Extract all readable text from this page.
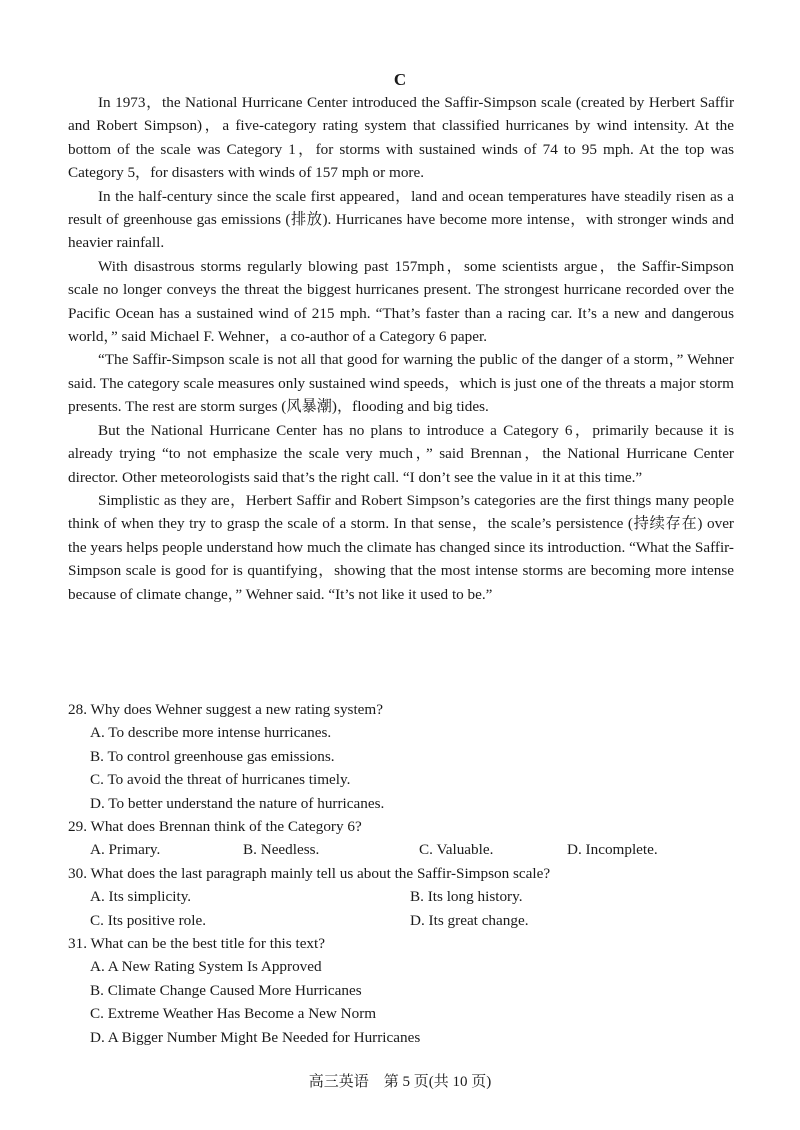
C

In 1973，the National Hurricane Center introduced the Saffir-Simpson scale (created by Herbert Saffir and Robert Simpson)，a five-category rating system that classified hurricanes by wind intensity. At the bottom of the scale was Category 1，for storms with sustained winds of 74 to 95 mph. At the top was Category 5，for disasters with winds of 157 mph or more.

In the half-century since the scale first appeared，land and ocean temperatures have steadily risen as a result of greenhouse gas emissions (排放). Hurricanes have become more intense，with stronger winds and heavier rainfall.

With disastrous storms regularly blowing past 157mph，some scientists argue，the Saffir-Simpson scale no longer conveys the threat the biggest hurricanes present. The strongest hurricane recorded over the Pacific Ocean has a sustained wind of 215 mph. “That’s faster than a racing car. It’s a new and dangerous world，” said Michael F. Wehner，a co-author of a Category 6 paper.

“The Saffir-Simpson scale is not all that good for warning the public of the danger of a storm，” Wehner said. The category scale measures only sustained wind speeds，which is just one of the threats a major storm presents. The rest are storm surges (风暴潮)，flooding and big tides.

But the National Hurricane Center has no plans to introduce a Category 6，primarily because it is already trying “to not emphasize the scale very much，” said Brennan，the National Hurricane Center director. Other meteorologists said that’s the right call. “I don’t see the value in it at this time.”

Simplistic as they are，Herbert Saffir and Robert Simpson’s categories are the first things many people think of when they try to grasp the scale of a storm. In that sense，the scale’s persistence (持续存在) over the years helps people understand how much the climate has changed since its introduction. “What the Saffir-Simpson scale is good for is quantifying，showing that the most intense storms are becoming more intense because of climate change，” Wehner said. “It’s not like it used to be.”

28. Why does Wehner suggest a new rating system?

A. To describe more intense hurricanes.

B. To control greenhouse gas emissions.

C. To avoid the threat of hurricanes timely.

D. To better understand the nature of hurricanes.

29. What does Brennan think of the Category 6?

A. Primary.	B. Needless.	C. Valuable.	D. Incomplete.

30. What does the last paragraph mainly tell us about the Saffir-Simpson scale?

A. Its simplicity.	B. Its long history.
C. Its positive role.	D. Its great change.

31. What can be the best title for this text?

A. A New Rating System Is Approved

B. Climate Change Caused More Hurricanes

C. Extreme Weather Has Become a New Norm

D. A Bigger Number Might Be Needed for Hurricanes

高三英语　第 5 页(共 10 页)
